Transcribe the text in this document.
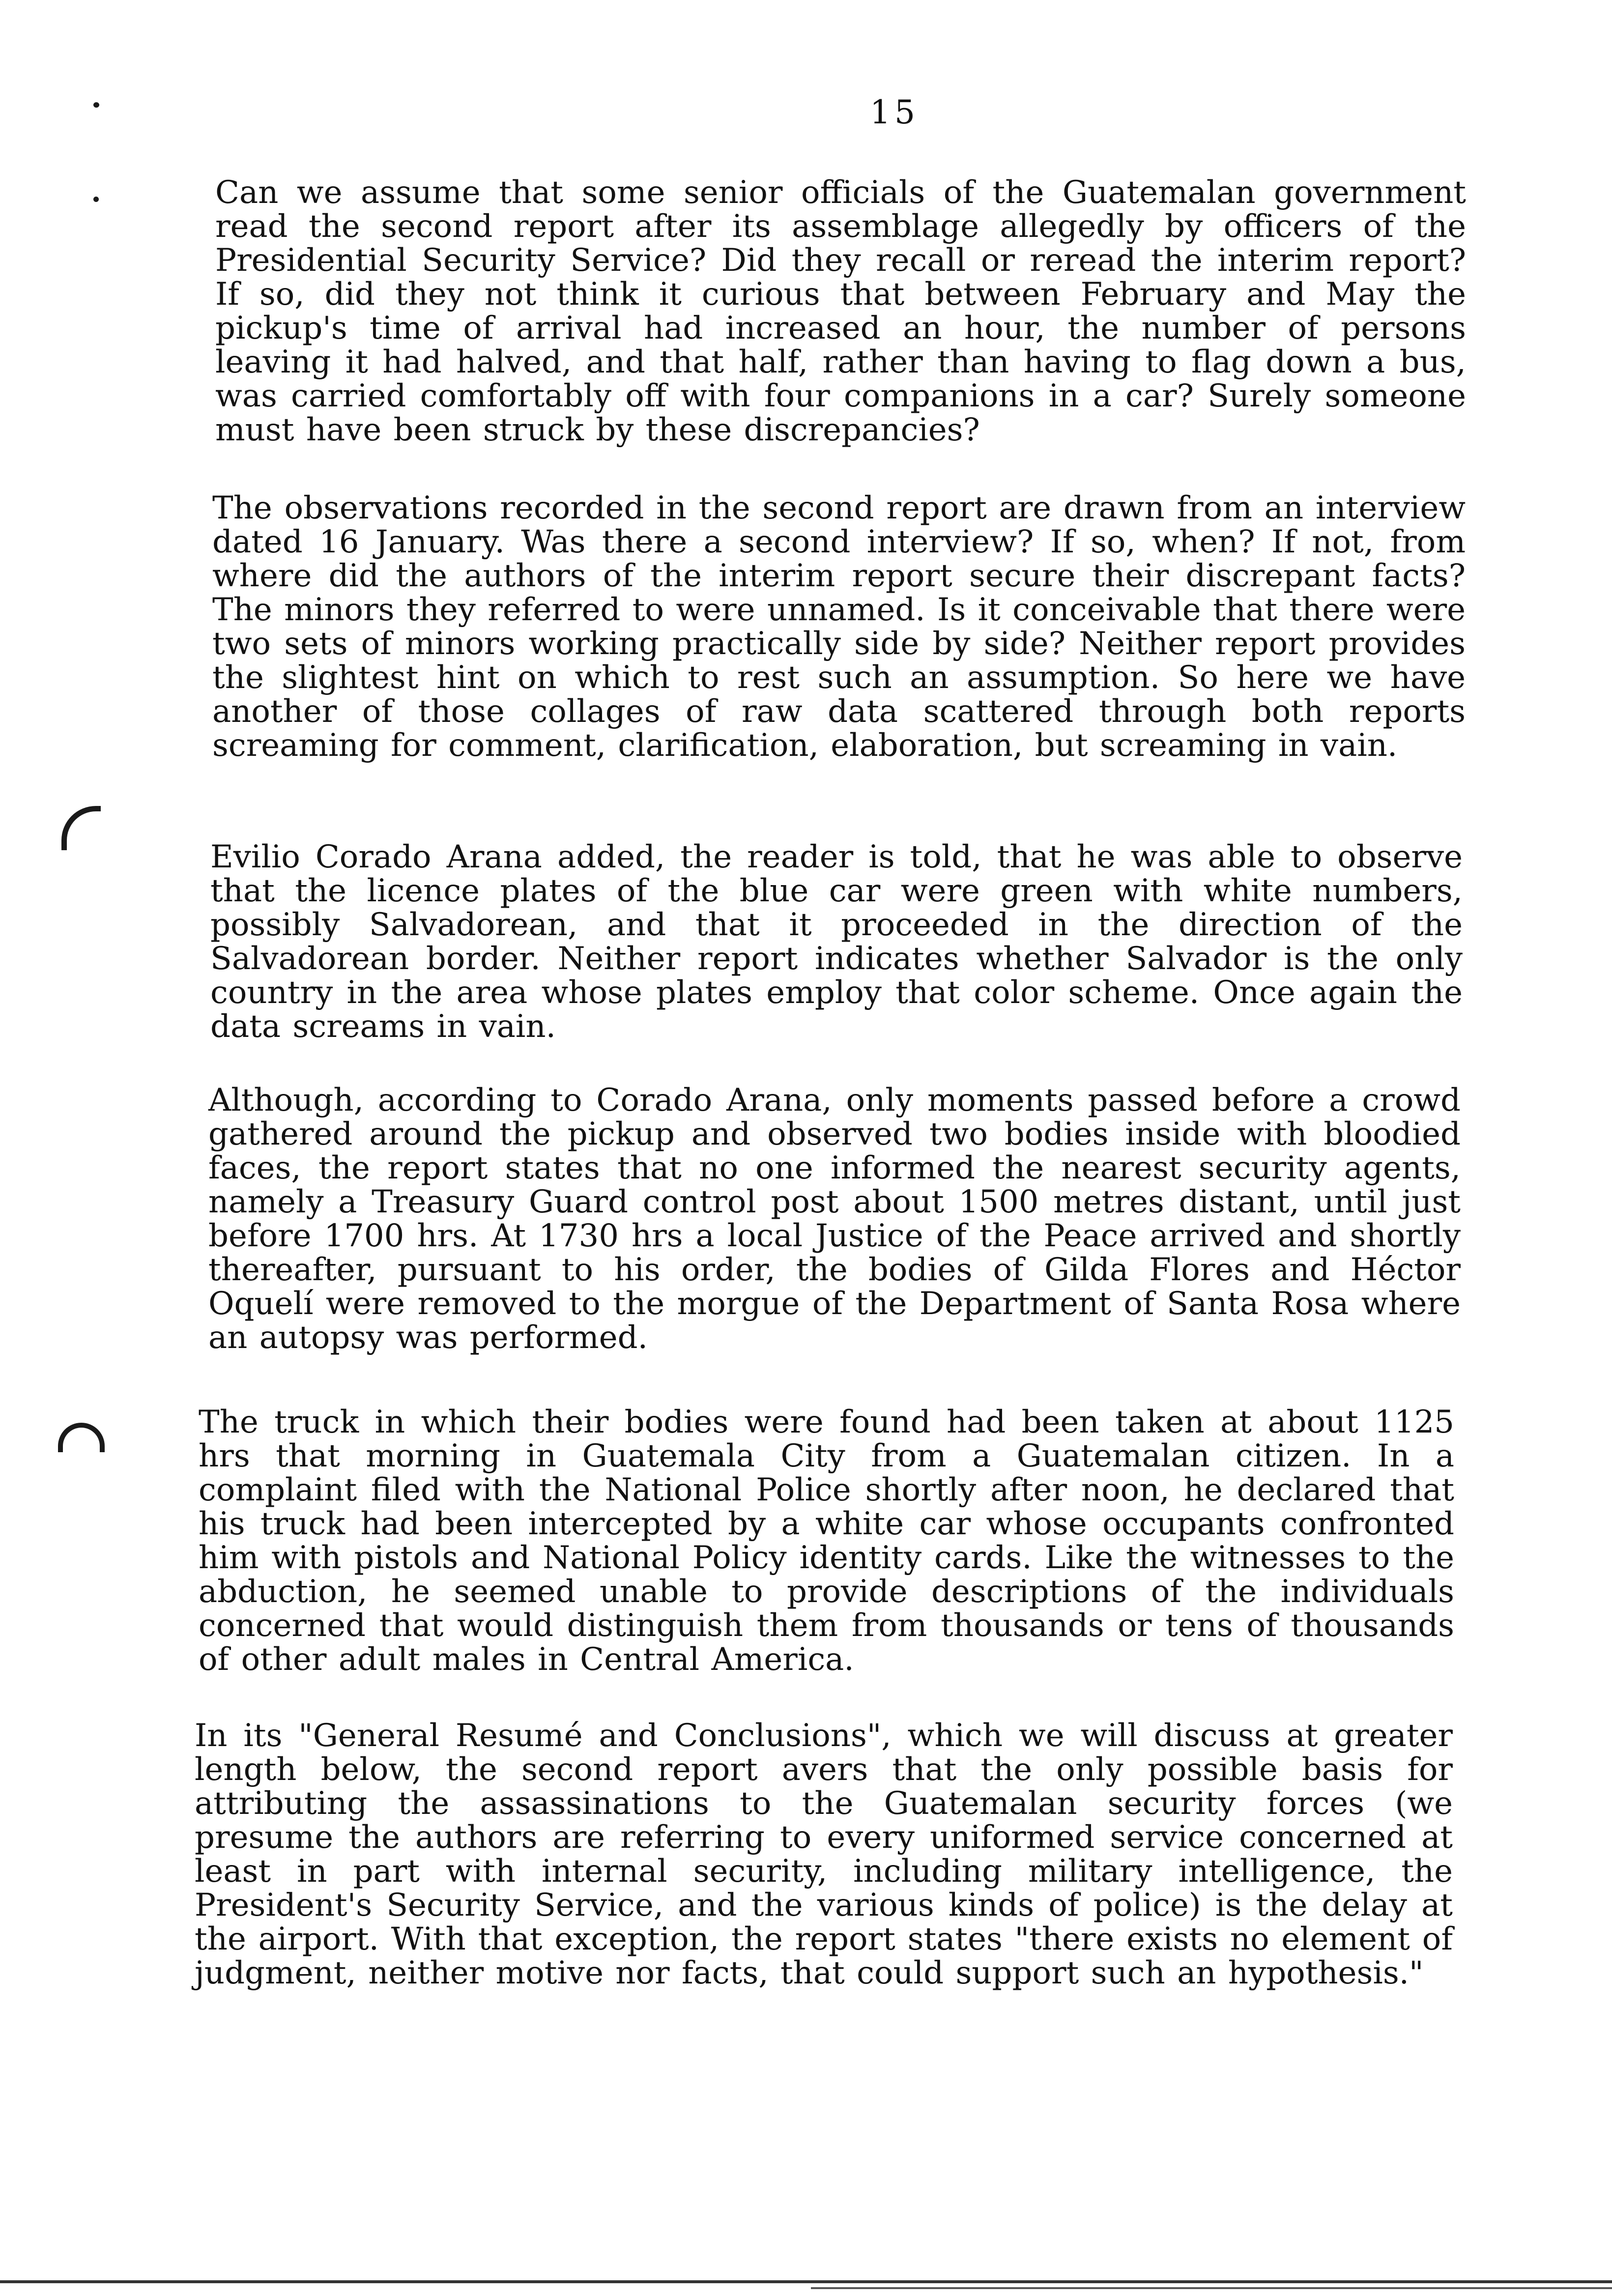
15

Can we assume that some senior officials of the Guatemalan government read the second report after its assemblage allegedly by officers of the Presidential Security Service? Did they recall or reread the interim report? If so, did they not think it curious that between February and May the pickup's time of arrival had increased an hour, the number of persons leaving it had halved, and that half, rather than having to flag down a bus, was carried comfortably off with four companions in a car? Surely someone must have been struck by these discrepancies?

The observations recorded in the second report are drawn from an interview dated 16 January. Was there a second interview? If so, when? If not, from where did the authors of the interim report secure their discrepant facts? The minors they referred to were unnamed. Is it conceivable that there were two sets of minors working practically side by side? Neither report provides the slightest hint on which to rest such an assumption. So here we have another of those collages of raw data scattered through both reports screaming for comment, clarification, elaboration, but screaming in vain.

Evilio Corado Arana added, the reader is told, that he was able to observe that the licence plates of the blue car were green with white numbers, possibly Salvadorean, and that it proceeded in the direction of the Salvadorean border. Neither report indicates whether Salvador is the only country in the area whose plates employ that color scheme. Once again the data screams in vain.

Although, according to Corado Arana, only moments passed before a crowd gathered around the pickup and observed two bodies inside with bloodied faces, the report states that no one informed the nearest security agents, namely a Treasury Guard control post about 1500 metres distant, until just before 1700 hrs. At 1730 hrs a local Justice of the Peace arrived and shortly thereafter, pursuant to his order, the bodies of Gilda Flores and Héctor Oquelí were removed to the morgue of the Department of Santa Rosa where an autopsy was performed.

The truck in which their bodies were found had been taken at about 1125 hrs that morning in Guatemala City from a Guatemalan citizen. In a complaint filed with the National Police shortly after noon, he declared that his truck had been intercepted by a white car whose occupants confronted him with pistols and National Policy identity cards. Like the witnesses to the abduction, he seemed unable to provide descriptions of the individuals concerned that would distinguish them from thousands or tens of thousands of other adult males in Central America.

In its "General Resumé and Conclusions", which we will discuss at greater length below, the second report avers that the only possible basis for attributing the assassinations to the Guatemalan security forces (we presume the authors are referring to every uniformed service concerned at least in part with internal security, including military intelligence, the President's Security Service, and the various kinds of police) is the delay at the airport. With that exception, the report states "there exists no element of judgment, neither motive nor facts, that could support such an hypothesis."
